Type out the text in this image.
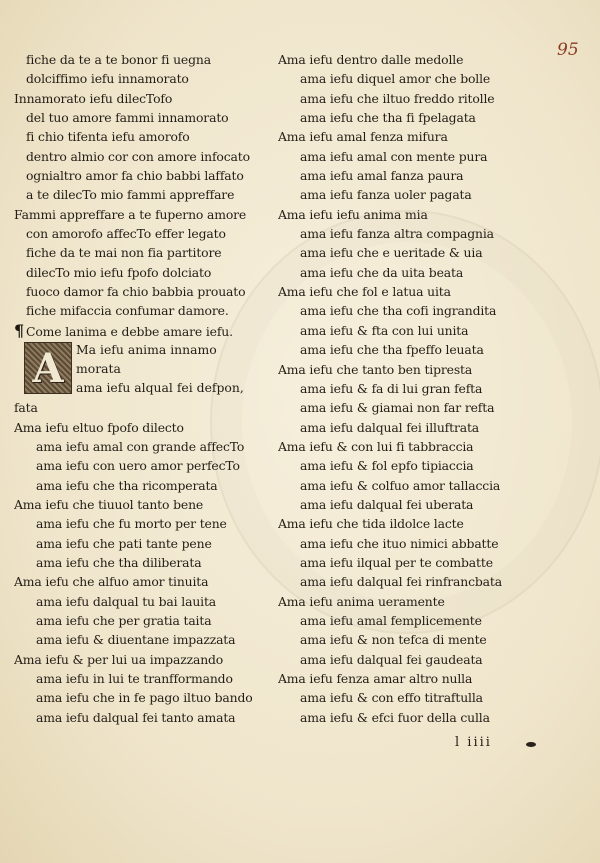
95
fiche da te a te bonor fi uegna
dolciffimo iefu innamorato
Innamorato iefu dilecTofo
del tuo amore fammi innamorato
fi chio tifenta iefu amorofo
dentro almio cor con amore infocato
ognialtro amor fa chio babbi laffato
a te dilecTo mio fammi appreffare
Fammi appreffare a te fuperno amore
con amorofo affecTo effer legato
fiche da te mai non fia partitore
dilecTo mio iefu fpofo dolciato
fuoco damor fa chio babbia prouato
fiche mifaccia confumar damore.
¶ Come lanima e debbe amare iefu.
A Ma iefu anima innamo
morata
ama iefu alqual fei defpon,
fata
Ama iefu eltuo fpofo dilecto
ama iefu amal con grande affecTo
ama iefu con uero amor perfecTo
ama iefu che tha ricomperata
Ama iefu che tiuuol tanto bene
ama iefu che fu morto per tene
ama iefu che pati tante pene
ama iefu che tha diliberata
Ama iefu che alfuo amor tinuita
ama iefu dalqual tu bai lauita
ama iefu che per gratia taita
ama iefu & diuentane impazzata
Ama iefu & per lui ua impazzando
ama iefu in lui te tranfformando
ama iefu che in fe pago iltuo bando
ama iefu dalqual fei tanto amata
Ama iefu dentro dalle medolle
ama iefu diquel amor che bolle
ama iefu che iltuo freddo ritolle
ama iefu che tha fi fpelagata
Ama iefu amal fenza mifura
ama iefu amal con mente pura
ama iefu amal fanza paura
ama iefu fanza uoler pagata
Ama iefu iefu anima mia
ama iefu fanza altra compagnia
ama iefu che e ueritade & uia
ama iefu che da uita beata
Ama iefu che fol e latua uita
ama iefu che tha cofi ingrandita
ama iefu & fta con lui unita
ama iefu che tha fpeffo leuata
Ama iefu che tanto ben tipresta
ama iefu & fa di lui gran fefta
ama iefu & giamai non far refta
ama iefu dalqual fei illuftrata
Ama iefu & con lui fi tabbraccia
ama iefu & fol epfo tipiaccia
ama iefu & colfuo amor tallaccia
ama iefu dalqual fei uberata
Ama iefu che tida ildolce lacte
ama iefu che ituo nimici abbatte
ama iefu ilqual per te combatte
ama iefu dalqual fei rinfrancbata
Ama iefu anima ueramente
ama iefu amal femplicemente
ama iefu & non tefca di mente
ama iefu dalqual fei gaudeata
Ama iefu fenza amar altro nulla
ama iefu & con effo titraftulla
ama iefu & efci fuor della culla
l iiii
